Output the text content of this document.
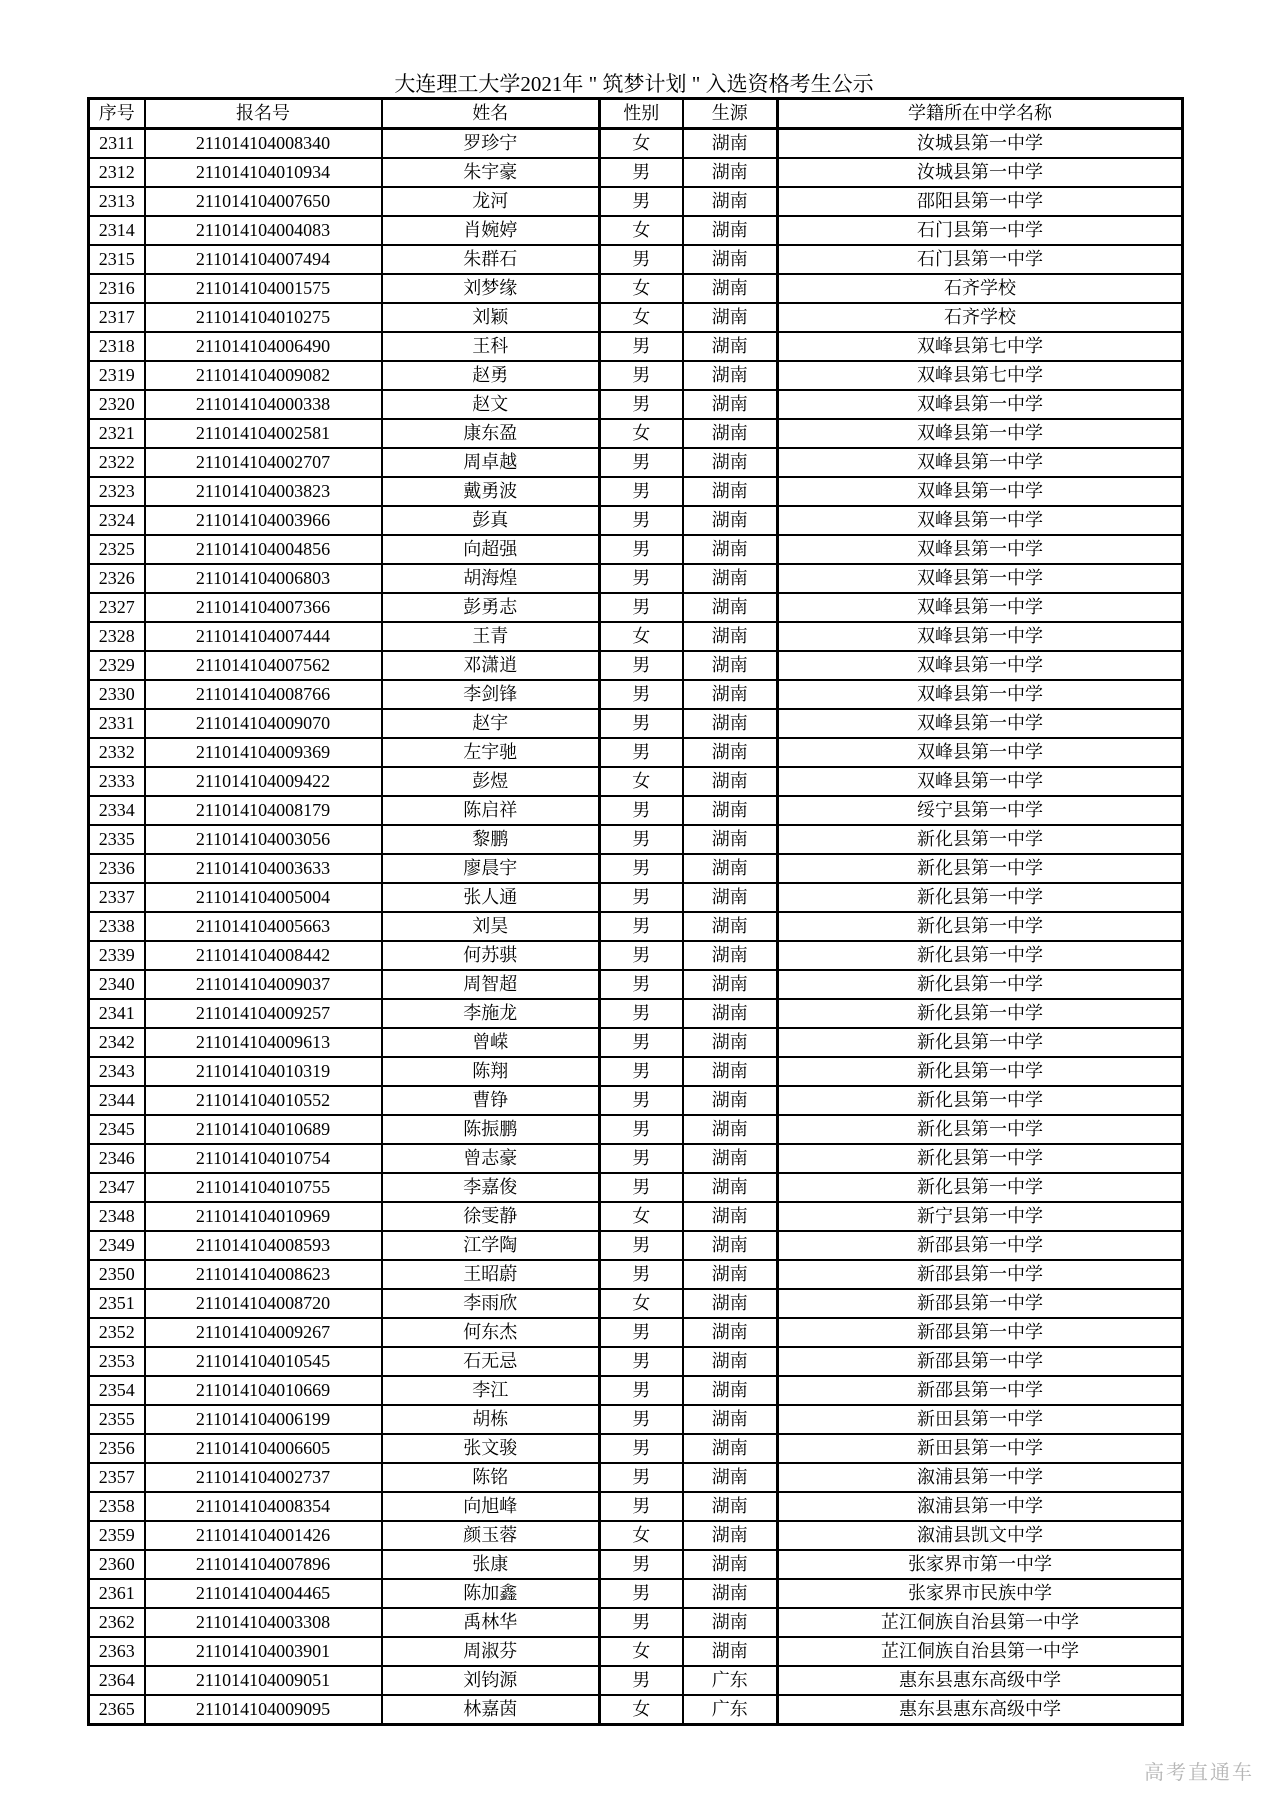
大连理工大学2021年 " 筑梦计划 " 入选资格考生公示
序号	报名号	姓名	性别	生源	学籍所在中学名称
2311	211014104008340	罗珍宁	女	湖南	汝城县第一中学
2312	211014104010934	朱宇豪	男	湖南	汝城县第一中学
2313	211014104007650	龙河	男	湖南	邵阳县第一中学
2314	211014104004083	肖婉婷	女	湖南	石门县第一中学
2315	211014104007494	朱群石	男	湖南	石门县第一中学
2316	211014104001575	刘梦缘	女	湖南	石齐学校
2317	211014104010275	刘颖	女	湖南	石齐学校
2318	211014104006490	王科	男	湖南	双峰县第七中学
2319	211014104009082	赵勇	男	湖南	双峰县第七中学
2320	211014104000338	赵文	男	湖南	双峰县第一中学
2321	211014104002581	康东盈	女	湖南	双峰县第一中学
2322	211014104002707	周卓越	男	湖南	双峰县第一中学
2323	211014104003823	戴勇波	男	湖南	双峰县第一中学
2324	211014104003966	彭真	男	湖南	双峰县第一中学
2325	211014104004856	向超强	男	湖南	双峰县第一中学
2326	211014104006803	胡海煌	男	湖南	双峰县第一中学
2327	211014104007366	彭勇志	男	湖南	双峰县第一中学
2328	211014104007444	王青	女	湖南	双峰县第一中学
2329	211014104007562	邓潇逍	男	湖南	双峰县第一中学
2330	211014104008766	李剑锋	男	湖南	双峰县第一中学
2331	211014104009070	赵宇	男	湖南	双峰县第一中学
2332	211014104009369	左宇驰	男	湖南	双峰县第一中学
2333	211014104009422	彭煜	女	湖南	双峰县第一中学
2334	211014104008179	陈启祥	男	湖南	绥宁县第一中学
2335	211014104003056	黎鹏	男	湖南	新化县第一中学
2336	211014104003633	廖晨宇	男	湖南	新化县第一中学
2337	211014104005004	张人通	男	湖南	新化县第一中学
2338	211014104005663	刘昊	男	湖南	新化县第一中学
2339	211014104008442	何苏骐	男	湖南	新化县第一中学
2340	211014104009037	周智超	男	湖南	新化县第一中学
2341	211014104009257	李施龙	男	湖南	新化县第一中学
2342	211014104009613	曾嵘	男	湖南	新化县第一中学
2343	211014104010319	陈翔	男	湖南	新化县第一中学
2344	211014104010552	曹铮	男	湖南	新化县第一中学
2345	211014104010689	陈振鹏	男	湖南	新化县第一中学
2346	211014104010754	曾志豪	男	湖南	新化县第一中学
2347	211014104010755	李嘉俊	男	湖南	新化县第一中学
2348	211014104010969	徐雯静	女	湖南	新宁县第一中学
2349	211014104008593	江学陶	男	湖南	新邵县第一中学
2350	211014104008623	王昭蔚	男	湖南	新邵县第一中学
2351	211014104008720	李雨欣	女	湖南	新邵县第一中学
2352	211014104009267	何东杰	男	湖南	新邵县第一中学
2353	211014104010545	石无忌	男	湖南	新邵县第一中学
2354	211014104010669	李江	男	湖南	新邵县第一中学
2355	211014104006199	胡栋	男	湖南	新田县第一中学
2356	211014104006605	张文骏	男	湖南	新田县第一中学
2357	211014104002737	陈铭	男	湖南	溆浦县第一中学
2358	211014104008354	向旭峰	男	湖南	溆浦县第一中学
2359	211014104001426	颜玉蓉	女	湖南	溆浦县凯文中学
2360	211014104007896	张康	男	湖南	张家界市第一中学
2361	211014104004465	陈加鑫	男	湖南	张家界市民族中学
2362	211014104003308	禹林华	男	湖南	芷江侗族自治县第一中学
2363	211014104003901	周淑芬	女	湖南	芷江侗族自治县第一中学
2364	211014104009051	刘钧源	男	广东	惠东县惠东高级中学
2365	211014104009095	林嘉茵	女	广东	惠东县惠东高级中学
高考直通车
